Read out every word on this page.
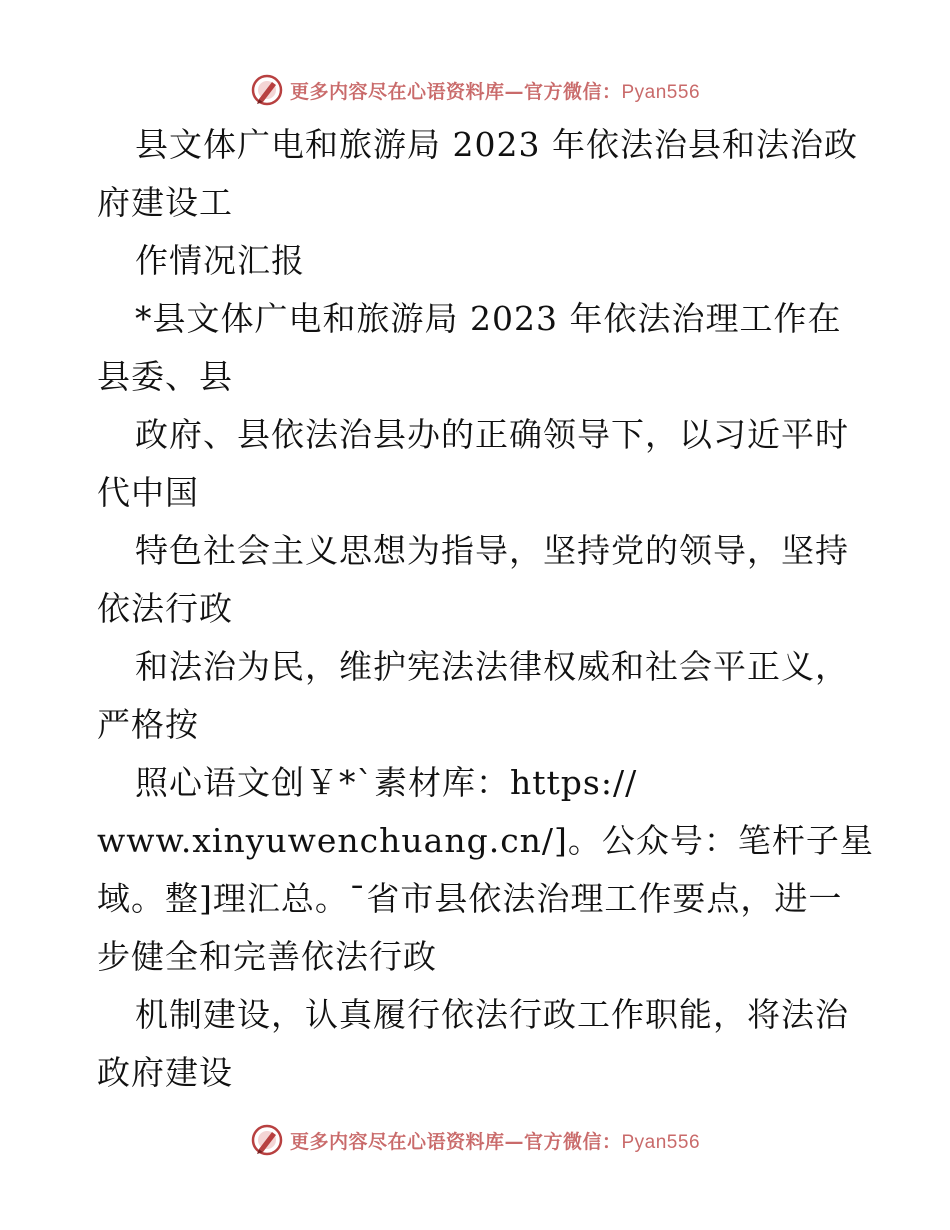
更多内容尽在心语资料库—官方微信：Pyan556
县文体广电和旅游局 2023 年依法治县和法治政
府建设工
作情况汇报
*县文体广电和旅游局 2023 年依法治理工作在
县委、县
政府、县依法治县办的正确领导下，以习近平时
代中国
特色社会主义思想为指导，坚持党的领导，坚持
依法行政
和法治为民，维护宪法法律权威和社会平正义，
严格按
照心语文创￥*`素材库：https://
www.xinyuwenchuang.cn/]。公众号：笔杆子星
域。整]理汇总。¯省市县依法治理工作要点，进一
步健全和完善依法行政
机制建设，认真履行依法行政工作职能，将法治
政府建设
更多内容尽在心语资料库—官方微信：Pyan556
